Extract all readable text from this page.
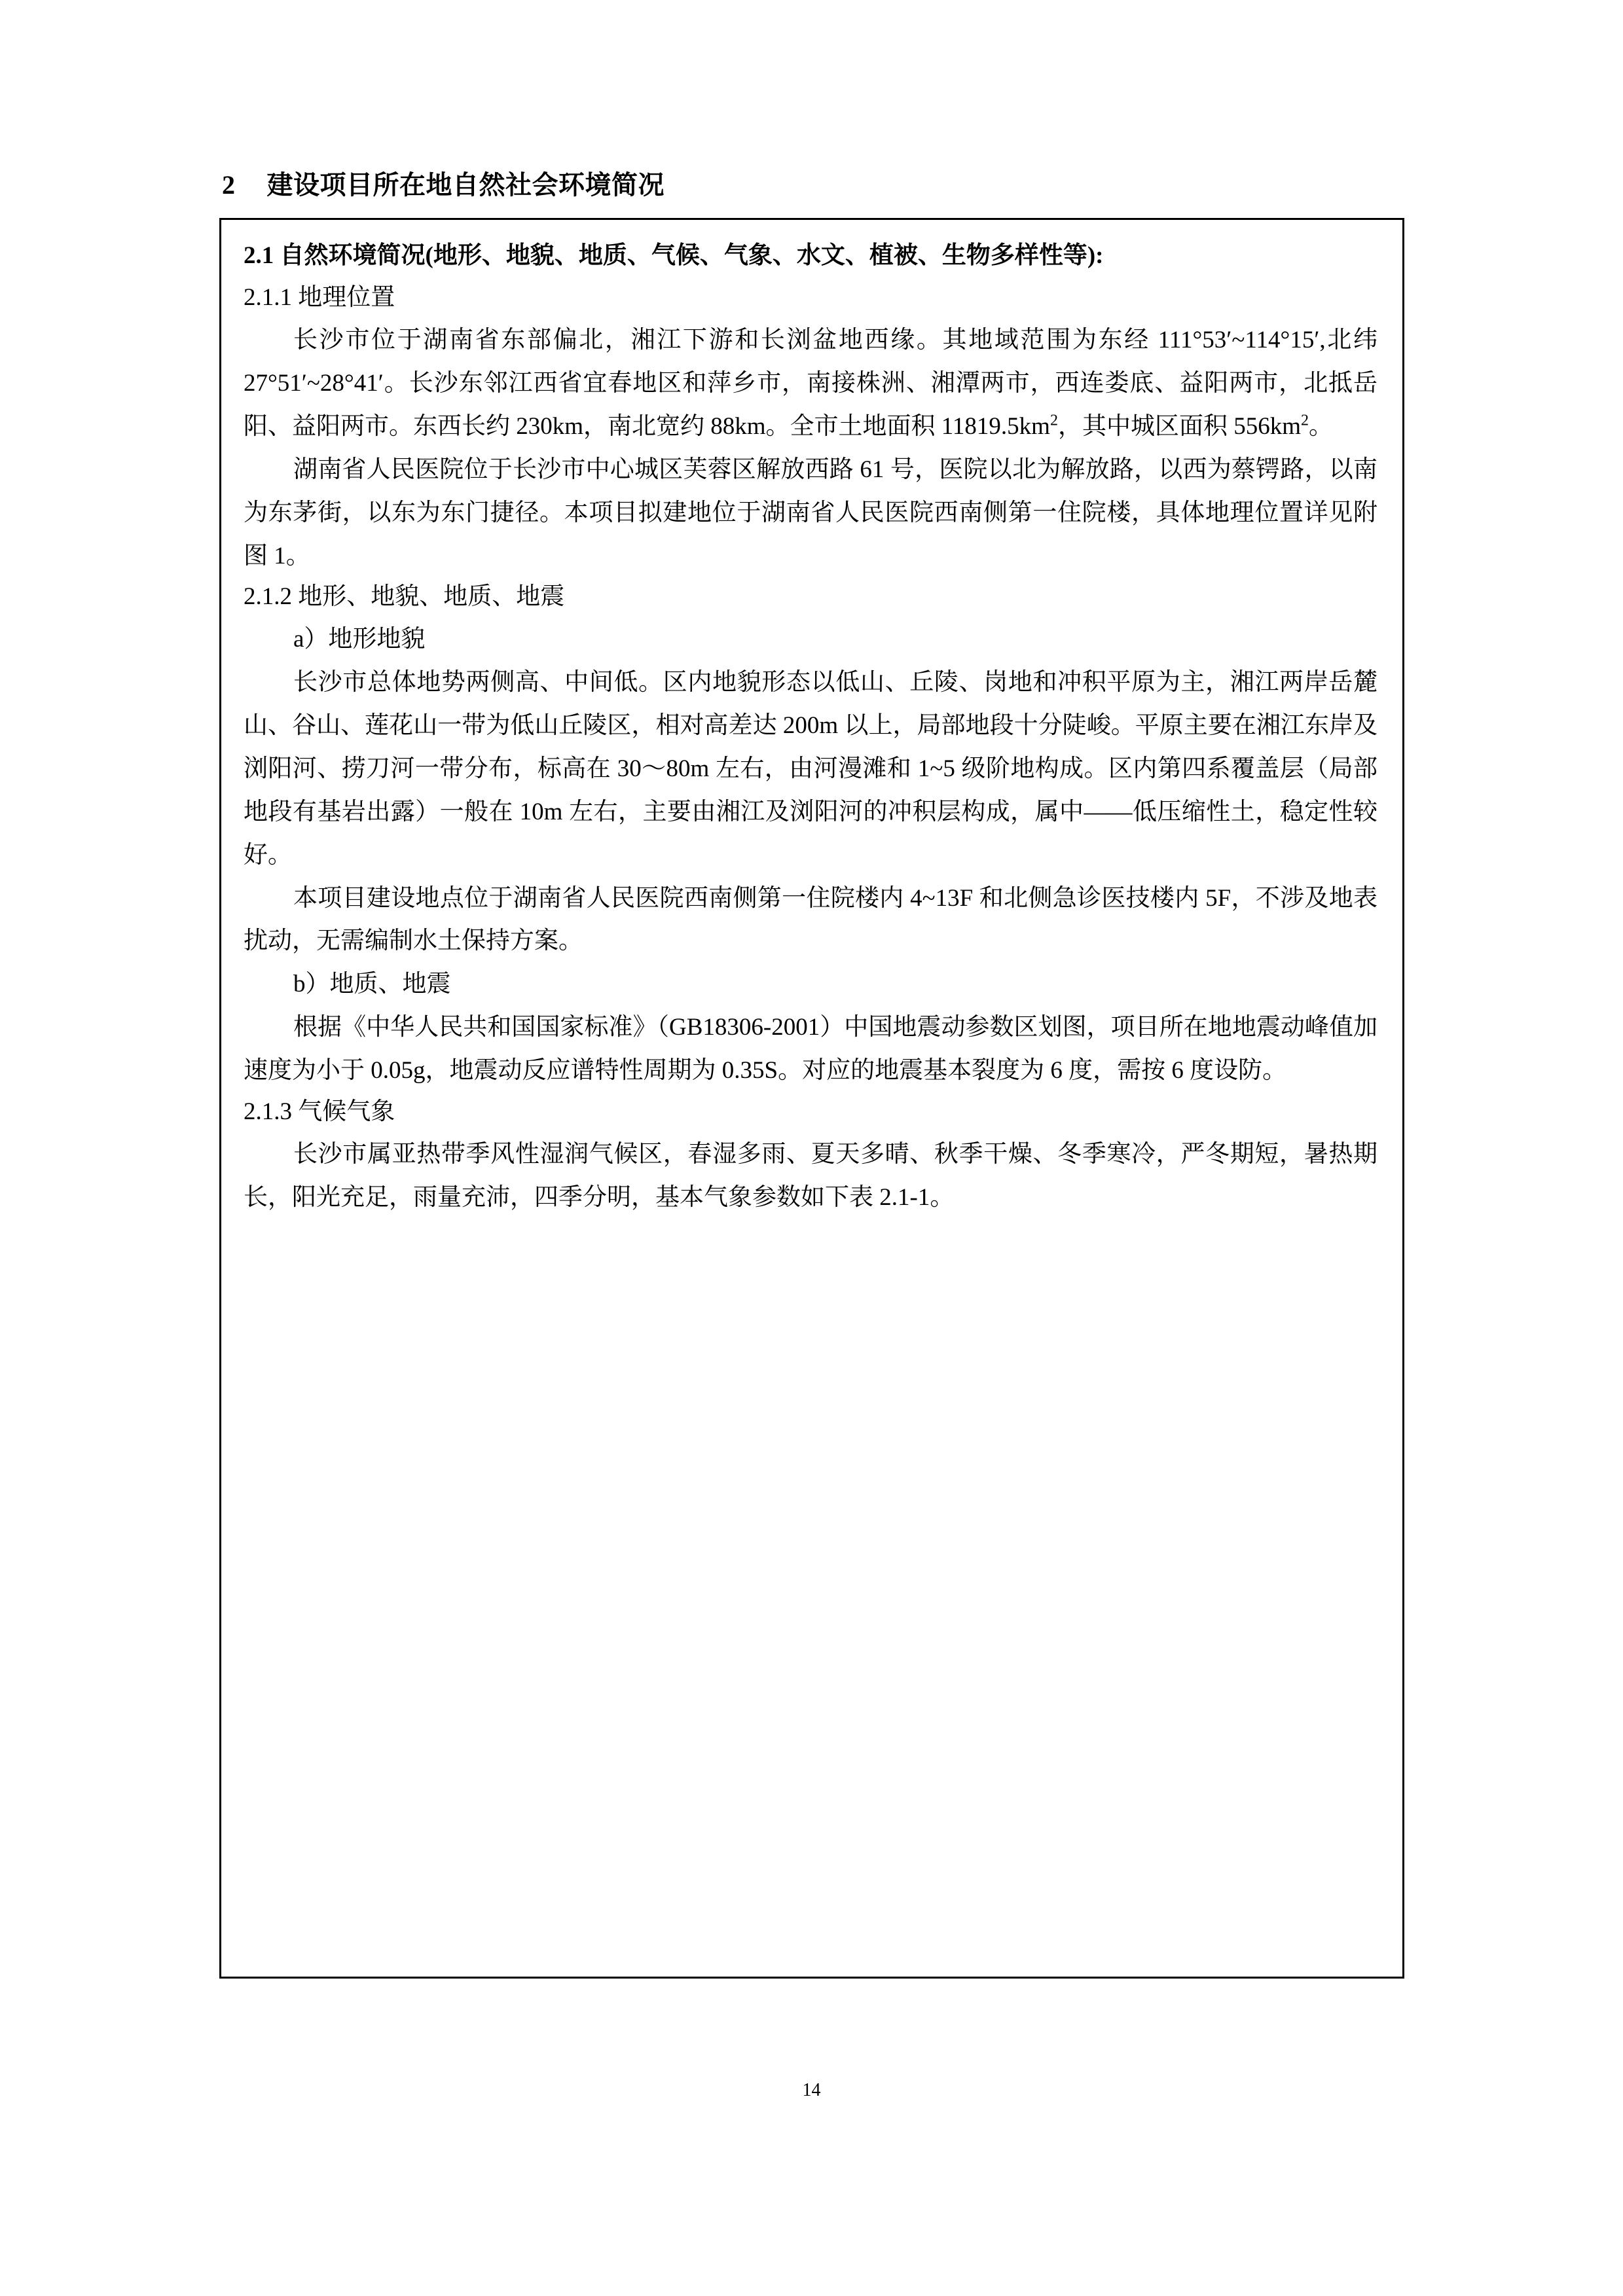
2 建设项目所在地自然社会环境简况
2.1 自然环境简况(地形、地貌、地质、气候、气象、水文、植被、生物多样性等):
2.1.1 地理位置

长沙市位于湖南省东部偏北，湘江下游和长浏盆地西缘。其地域范围为东经 111°53′~114°15′,北纬 27°51′~28°41′。长沙东邻江西省宜春地区和萍乡市，南接株洲、湘潭两市，西连娄底、益阳两市，北抵岳阳、益阳两市。东西长约 230km，南北宽约 88km。全市土地面积 $11819.5km^2$，其中城区面积 $556km^2$。

湖南省人民医院位于长沙市中心城区芙蓉区解放西路 61 号，医院以北为解放路，以西为蔡锷路，以南为东茅街，以东为东门捷径。本项目拟建地位于湖南省人民医院西南侧第一住院楼，具体地理位置详见附图 1。

2.1.2 地形、地貌、地质、地震

a）地形地貌

长沙市总体地势两侧高、中间低。区内地貌形态以低山、丘陵、岗地和冲积平原为主，湘江两岸岳麓山、谷山、莲花山一带为低山丘陵区，相对高差达 200m 以上，局部地段十分陡峻。平原主要在湘江东岸及浏阳河、捞刀河一带分布，标高在 30～80m 左右，由河漫滩和 1~5 级阶地构成。区内第四系覆盖层（局部地段有基岩出露）一般在 10m 左右，主要由湘江及浏阳河的冲积层构成，属中——低压缩性土，稳定性较好。

本项目建设地点位于湖南省人民医院西南侧第一住院楼内 4~13F 和北侧急诊医技楼内 5F，不涉及地表扰动，无需编制水土保持方案。

b）地质、地震

根据《中华人民共和国国家标准》（GB18306-2001）中国地震动参数区划图，项目所在地地震动峰值加速度为小于 0.05g，地震动反应谱特性周期为 0.35S。对应的地震基本裂度为 6 度，需按 6 度设防。

2.1.3 气候气象

长沙市属亚热带季风性湿润气候区，春湿多雨、夏天多晴、秋季干燥、冬季寒冷，严冬期短，暑热期长，阳光充足，雨量充沛，四季分明，基本气象参数如下表 2.1-1。

14
